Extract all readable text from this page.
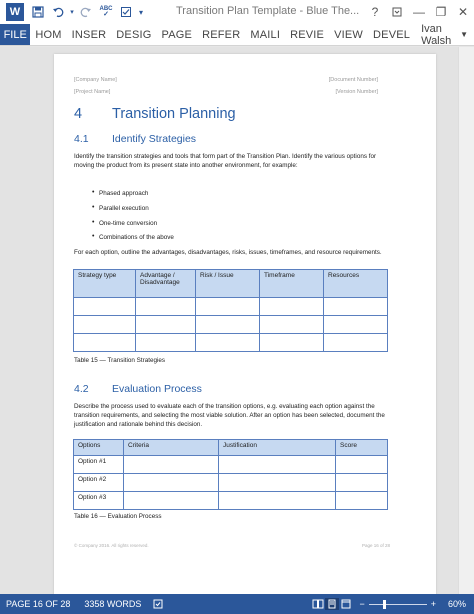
W	▾	ABC
✓	▾	Transition Plan Template - Blue The...	?	— ❐ ✕
FILE HOM INSER DESIG PAGE REFER MAILI REVIE VIEW DEVEL	Ivan Walsh	▼
[Company Name]
[Project Name]
[Document Number]
[Version Number]
4 Transition Planning
4.1 Identify Strategies
Identify the transition strategies and tools that form part of the Transition Plan. Identify the various options for moving the product from its present state into another environment, for example:
• Phased approach
• Parallel execution
• One-time conversion
• Combinations of the above
For each option, outline the advantages, disadvantages, risks, issues, timeframes, and resource requirements.
Strategy type	Advantage / Disadvantage	Risk / Issue	Timeframe	Resources

Table 15 — Transition Strategies
4.2 Evaluation Process
Describe the process used to evaluate each of the transition options, e.g. evaluating each option against the transition requirements, and selecting the most viable solution. After an option has been selected, document the justification and rationale behind this decision.
Options	Criteria	Justification	Score
Option #1			
Option #2			
Option #3			
Table 16 — Evaluation Process
© Company 2016. All rights reserved.	Page 16 of 28
PAGE 16 OF 28 3358 WORDS	−	+ 60%
